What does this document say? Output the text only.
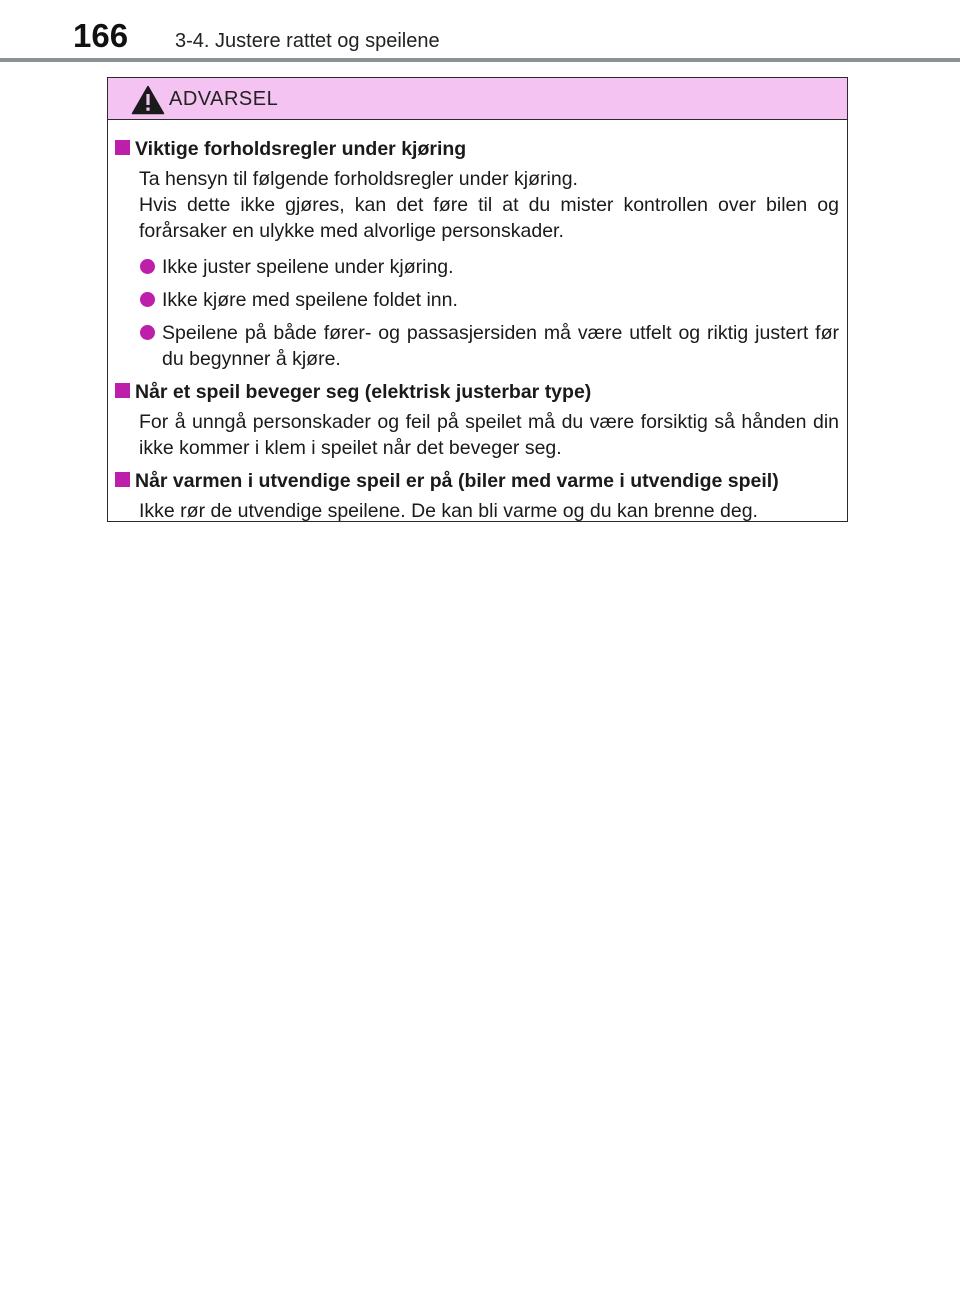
166 3-4. Justere rattet og speilene
ADVARSEL

Viktige forholdsregler under kjøring

Ta hensyn til følgende forholdsregler under kjøring.

Hvis dette ikke gjøres, kan det føre til at du mister kontrollen over bilen og forårsaker en ulykke med alvorlige personskader.

Ikke juster speilene under kjøring.

Ikke kjøre med speilene foldet inn.

Speilene på både fører- og passasjersiden må være utfelt og riktig justert før du begynner å kjøre.

Når et speil beveger seg (elektrisk justerbar type)

For å unngå personskader og feil på speilet må du være forsiktig så hånden din ikke kommer i klem i speilet når det beveger seg.

Når varmen i utvendige speil er på (biler med varme i utvendige speil)

Ikke rør de utvendige speilene. De kan bli varme og du kan brenne deg.
